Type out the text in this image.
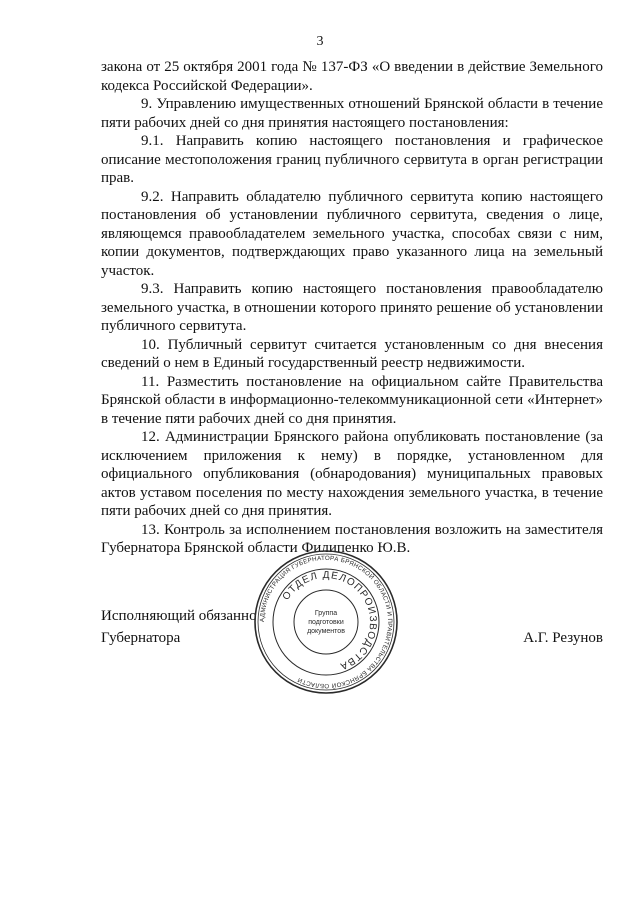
3

закона от 25 октября 2001 года № 137-ФЗ «О введении в действие Земельного кодекса Российской Федерации».

9. Управлению имущественных отношений Брянской области в течение пяти рабочих дней со дня принятия настоящего постановления:

9.1. Направить копию настоящего постановления и графическое описание местоположения границ публичного сервитута в орган регистрации прав.

9.2. Направить обладателю публичного сервитута копию настоящего постановления об установлении публичного сервитута, сведения о лице, являющемся правообладателем земельного участка, способах связи с ним, копии документов, подтверждающих право указанного лица на земельный участок.

9.3. Направить копию настоящего постановления правообладателю земельного участка, в отношении которого принято решение об установлении публичного сервитута.

10. Публичный сервитут считается установленным со дня внесения сведений о нем в Единый государственный реестр недвижимости.

11. Разместить постановление на официальном сайте Правительства Брянской области в информационно-телекоммуникационной сети «Интернет» в течение пяти рабочих дней со дня принятия.

12. Администрации Брянского района опубликовать постановление (за исключением приложения к нему) в порядке, установленном для официального опубликования (обнародования) муниципальных правовых актов уставом поселения по месту нахождения земельного участка, в течение пяти рабочих дней со дня принятия.

13. Контроль за исполнением постановления возложить на заместителя Губернатора Брянской области Филипенко Ю.В.

Исполняющий обязанно
Губернатора	А.Г. Резунов
АДМИНИСТРАЦИЯ ГУБЕРНАТОРА БРЯНСКОЙ ОБЛАСТИ И ПРАВИТЕЛЬСТВА БРЯНСКОЙ ОБЛАСТИ
ОТДЕЛ ДЕЛОПРОИЗВОДСТВА
Группа
подготовки
документов
